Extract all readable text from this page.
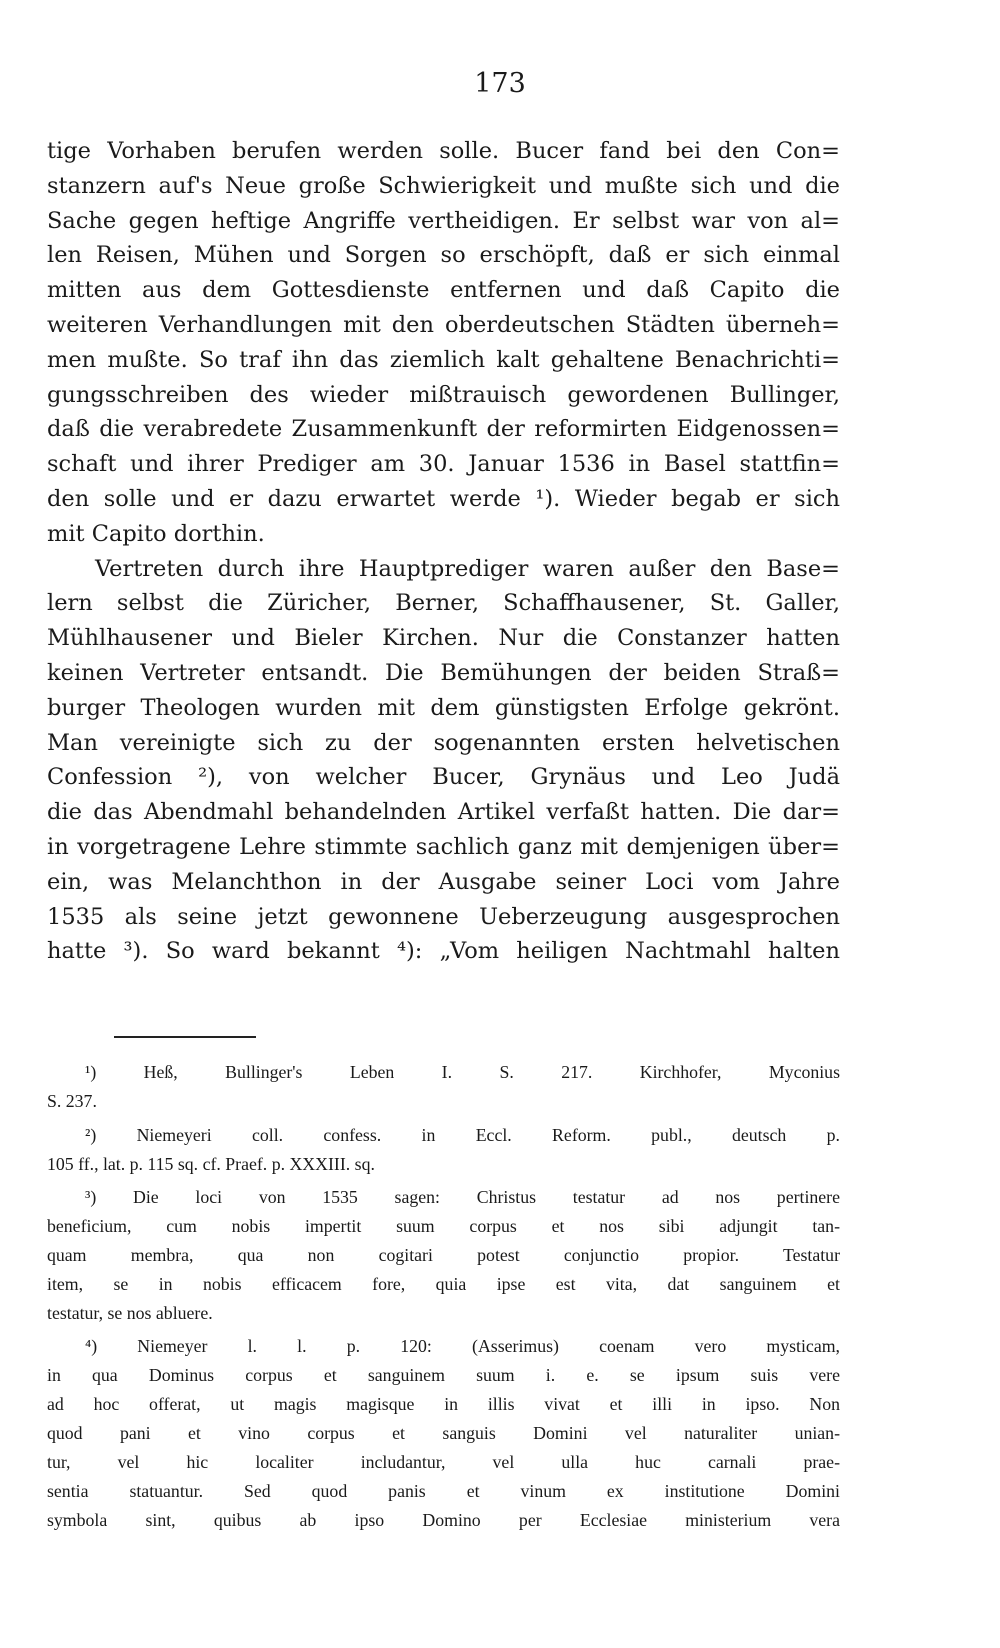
173
tige Vorhaben berufen werden solle. Bucer fand bei den Con=
stanzern auf's Neue große Schwierigkeit und mußte sich und die
Sache gegen heftige Angriffe vertheidigen. Er selbst war von al=
len Reisen, Mühen und Sorgen so erschöpft, daß er sich einmal
mitten aus dem Gottesdienste entfernen und daß Capito die
weiteren Verhandlungen mit den oberdeutschen Städten überneh=
men mußte. So traf ihn das ziemlich kalt gehaltene Benachrichti=
gungsschreiben des wieder mißtrauisch gewordenen Bullinger,
daß die verabredete Zusammenkunft der reformirten Eidgenossen=
schaft und ihrer Prediger am 30. Januar 1536 in Basel stattfin=
den solle und er dazu erwartet werde ¹). Wieder begab er sich
mit Capito dorthin.
Vertreten durch ihre Hauptprediger waren außer den Base=
lern selbst die Züricher, Berner, Schaffhausener, St. Galler,
Mühlhausener und Bieler Kirchen. Nur die Constanzer hatten
keinen Vertreter entsandt. Die Bemühungen der beiden Straß=
burger Theologen wurden mit dem günstigsten Erfolge gekrönt.
Man vereinigte sich zu der sogenannten ersten helvetischen
Confession ²), von welcher Bucer, Grynäus und Leo Judä
die das Abendmahl behandelnden Artikel verfaßt hatten. Die dar=
in vorgetragene Lehre stimmte sachlich ganz mit demjenigen über=
ein, was Melanchthon in der Ausgabe seiner Loci vom Jahre
1535 als seine jetzt gewonnene Ueberzeugung ausgesprochen
hatte ³). So ward bekannt ⁴): „Vom heiligen Nachtmahl halten
¹) Heß, Bullinger's Leben I. S. 217. Kirchhofer, Myconius
S. 237.
²) Niemeyeri coll. confess. in Eccl. Reform. publ., deutsch p.
105 ff., lat. p. 115 sq. cf. Praef. p. XXXIII. sq.
³) Die loci von 1535 sagen: Christus testatur ad nos pertinere
beneficium, cum nobis impertit suum corpus et nos sibi adjungit tan-
quam membra, qua non cogitari potest conjunctio propior. Testatur
item, se in nobis efficacem fore, quia ipse est vita, dat sanguinem et
testatur, se nos abluere.
⁴) Niemeyer l. l. p. 120: (Asserimus) coenam vero mysticam,
in qua Dominus corpus et sanguinem suum i. e. se ipsum suis vere
ad hoc offerat, ut magis magisque in illis vivat et illi in ipso. Non
quod pani et vino corpus et sanguis Domini vel naturaliter unian-
tur, vel hic localiter includantur, vel ulla huc carnali prae-
sentia statuantur. Sed quod panis et vinum ex institutione Domini
symbola sint, quibus ab ipso Domino per Ecclesiae ministerium vera
